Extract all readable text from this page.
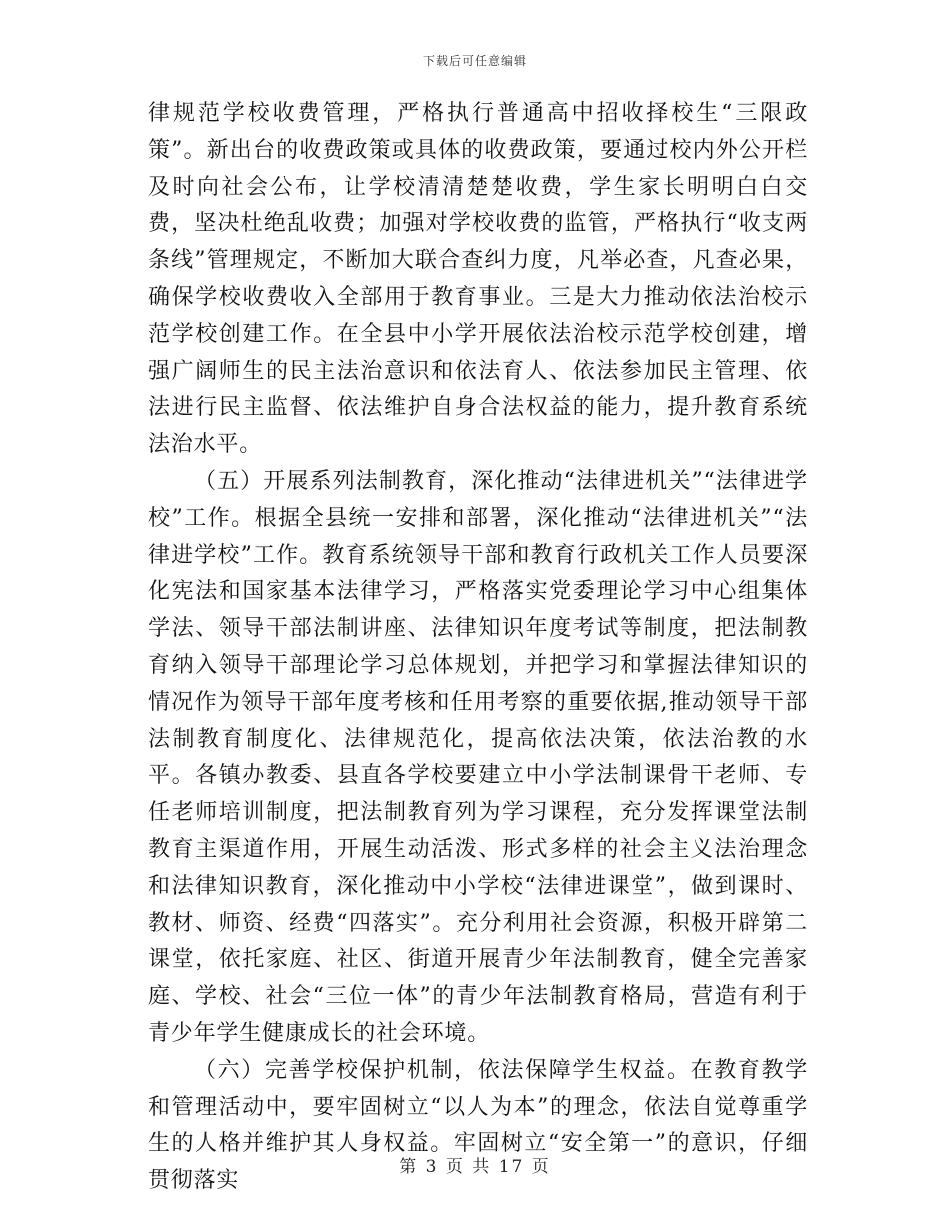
下载后可任意编辑

律规范学校收费管理，严格执行普通高中招收择校生“三限政策”。新出台的收费政策或具体的收费政策，要通过校内外公开栏及时向社会公布，让学校清清楚楚收费，学生家长明明白白交费，坚决杜绝乱收费；加强对学校收费的监管，严格执行“收支两条线”管理规定，不断加大联合查纠力度，凡举必查，凡查必果，确保学校收费收入全部用于教育事业。三是大力推动依法治校示范学校创建工作。在全县中小学开展依法治校示范学校创建，增强广阔师生的民主法治意识和依法育人、依法参加民主管理、依法进行民主监督、依法维护自身合法权益的能力，提升教育系统法治水平。

（五）开展系列法制教育，深化推动“法律进机关”“法律进学校”工作。根据全县统一安排和部署，深化推动“法律进机关”“法律进学校”工作。教育系统领导干部和教育行政机关工作人员要深化宪法和国家基本法律学习，严格落实党委理论学习中心组集体学法、领导干部法制讲座、法律知识年度考试等制度，把法制教育纳入领导干部理论学习总体规划，并把学习和掌握法律知识的情况作为领导干部年度考核和任用考察的重要依据,推动领导干部法制教育制度化、法律规范化，提高依法决策，依法治教的水平。各镇办教委、县直各学校要建立中小学法制课骨干老师、专任老师培训制度，把法制教育列为学习课程，充分发挥课堂法制教育主渠道作用，开展生动活泼、形式多样的社会主义法治理念和法律知识教育，深化推动中小学校“法律进课堂”，做到课时、教材、师资、经费“四落实”。充分利用社会资源，积极开辟第二课堂，依托家庭、社区、街道开展青少年法制教育，健全完善家庭、学校、社会“三位一体”的青少年法制教育格局，营造有利于青少年学生健康成长的社会环境。

（六）完善学校保护机制，依法保障学生权益。在教育教学和管理活动中，要牢固树立“以人为本”的理念，依法自觉尊重学生的人格并维护其人身权益。牢固树立“安全第一”的意识，仔细贯彻落实

第 3 页 共 17 页
